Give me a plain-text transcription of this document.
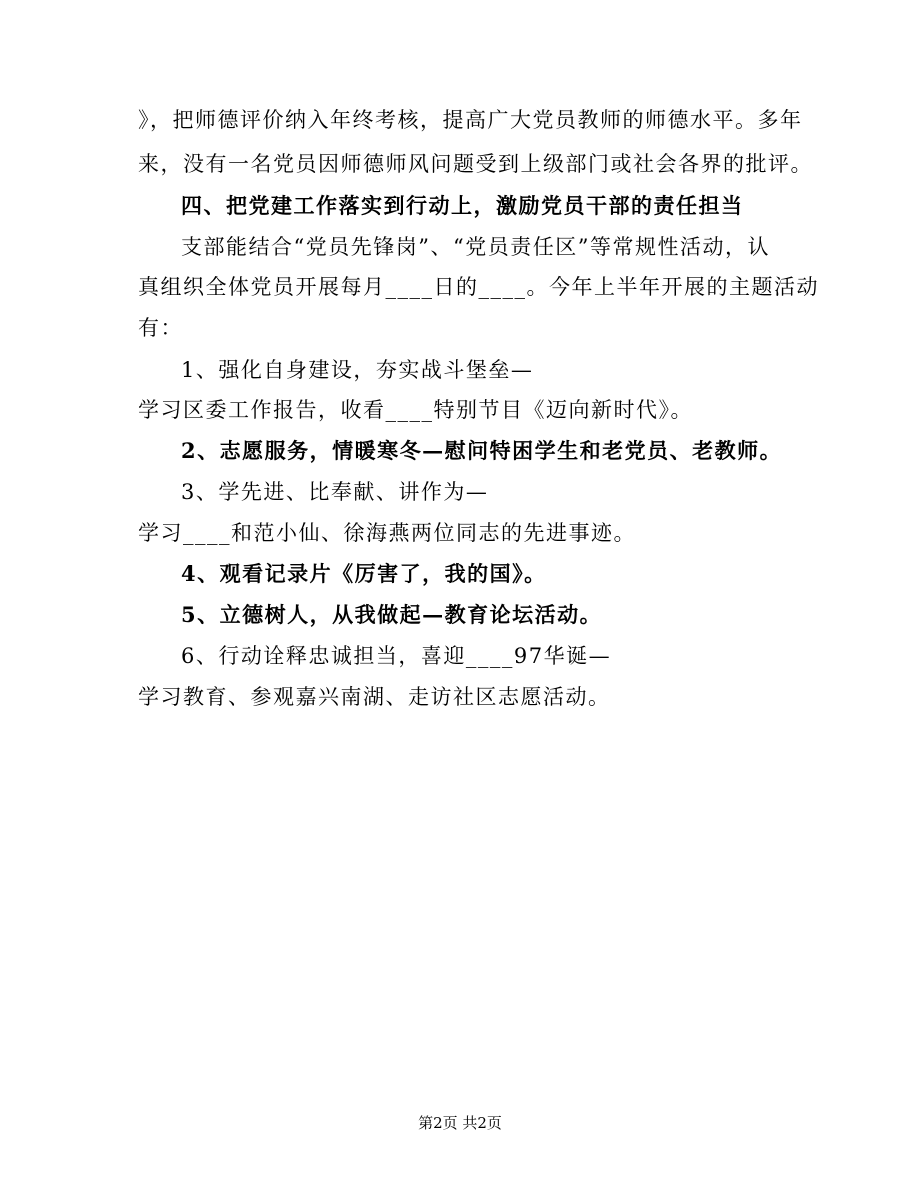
》，把师德评价纳入年终考核，提高广大党员教师的师德水平。多年

来，没有一名党员因师德师风问题受到上级部门或社会各界的批评。

四、把党建工作落实到行动上，激励党员干部的责任担当

支部能结合“党员先锋岗”、“党员责任区”等常规性活动，认

真组织全体党员开展每月____日的____。今年上半年开展的主题活动

有：

1、强化自身建设，夯实战斗堡垒—

学习区委工作报告，收看____特别节目《迈向新时代》。

2、志愿服务，情暖寒冬—慰问特困学生和老党员、老教师。

3、学先进、比奉献、讲作为—

学习____和范小仙、徐海燕两位同志的先进事迹。

4、观看记录片《厉害了，我的国》。

5、立德树人，从我做起—教育论坛活动。

6、行动诠释忠诚担当，喜迎____97华诞—

学习教育、参观嘉兴南湖、走访社区志愿活动。

第2页 共2页
